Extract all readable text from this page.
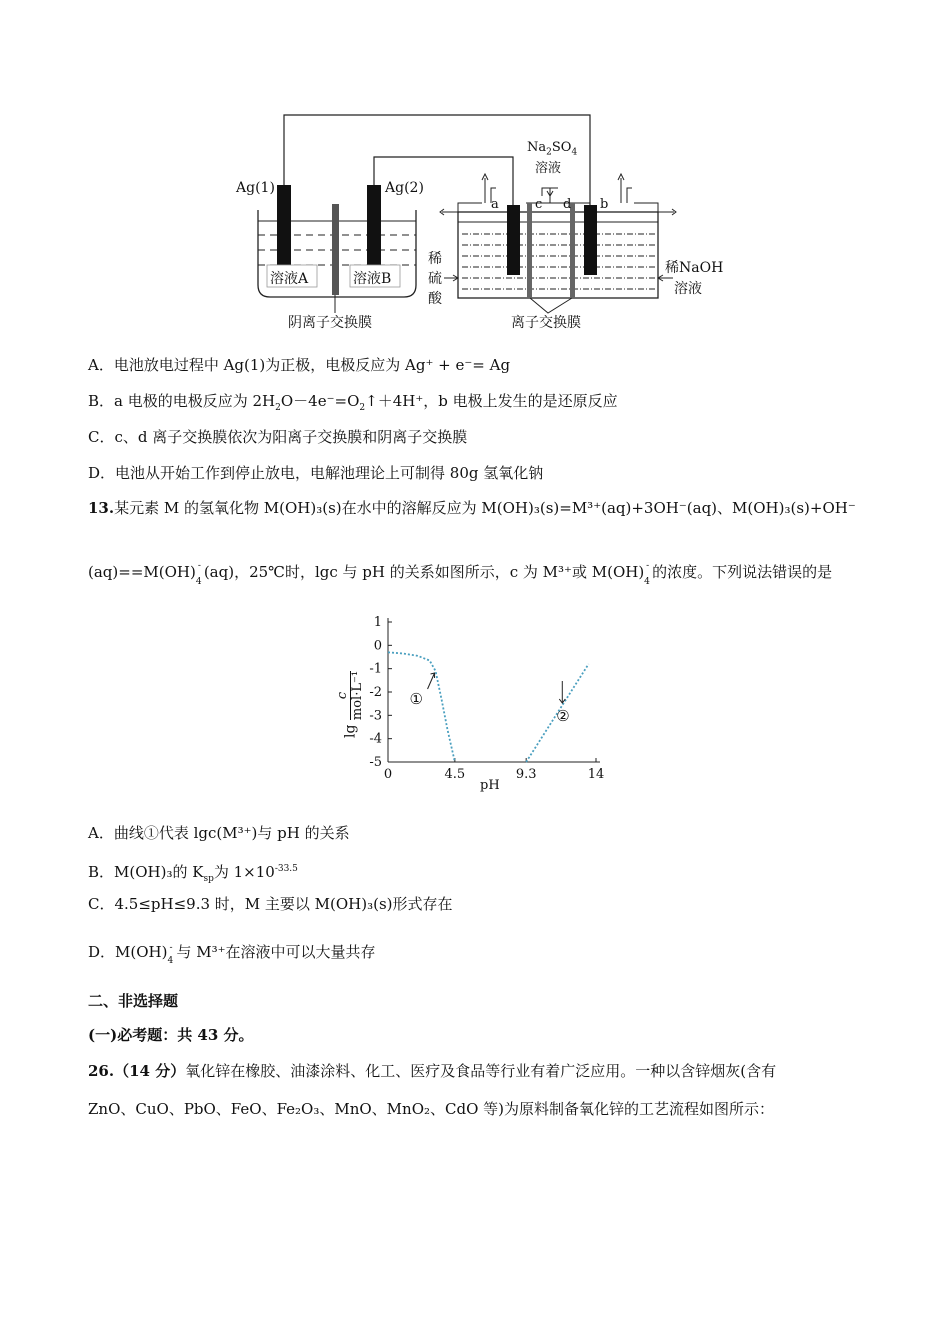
Ag(1)	Ag(2)
溶液A	溶液B
阴离子交换膜
$Na_2SO_4$
溶液
a	c d b
稀
硫
酸
稀NaOH
溶液
离子交换膜
A．电池放电过程中 Ag(1)为正极，电极反应为 Ag⁺ + e⁻= Ag
B．a 电极的电极反应为 $2H_2O-4e^-=O_2↑+4H^+$，b 电极上发生的是还原反应
C．c、d 离子交换膜依次为阳离子交换膜和阴离子交换膜
D．电池从开始工作到停止放电，电解池理论上可制得 80g 氢氧化钠
13.某元素 M 的氢氧化物 M(OH)₃(s)在水中的溶解反应为 M(OH)₃(s)=M³⁺(aq)+3OH⁻(aq)、M(OH)₃(s)+OH⁻
(aq)==M(OH) -
4
(aq)，25℃时，lgc 与 pH 的关系如图所示，c 为 M³⁺或 M(OH) -
4
的浓度。下列说法错误的是
1
0
-1
-2
-3
-4
-5
0	4.5	9.3	14
①
②
pH
lg
c mol·L⁻¹
A．曲线①代表 lgc(M³⁺)与 pH 的关系
B．M(OH)₃的 $K_{sp}$为 $1\times 10^{-33.5}$
C．4.5≤pH≤9.3 时，M 主要以 M(OH)₃(s)形式存在
D．M(OH) -
4 与 M³⁺在溶液中可以大量共存
二、非选择题
(一)必考题：共 43 分。
26.（14 分）氧化锌在橡胶、油漆涂料、化工、医疗及食品等行业有着广泛应用。一种以含锌烟灰(含有
ZnO、CuO、PbO、FeO、Fe₂O₃、MnO、MnO₂、CdO 等)为原料制备氧化锌的工艺流程如图所示：
